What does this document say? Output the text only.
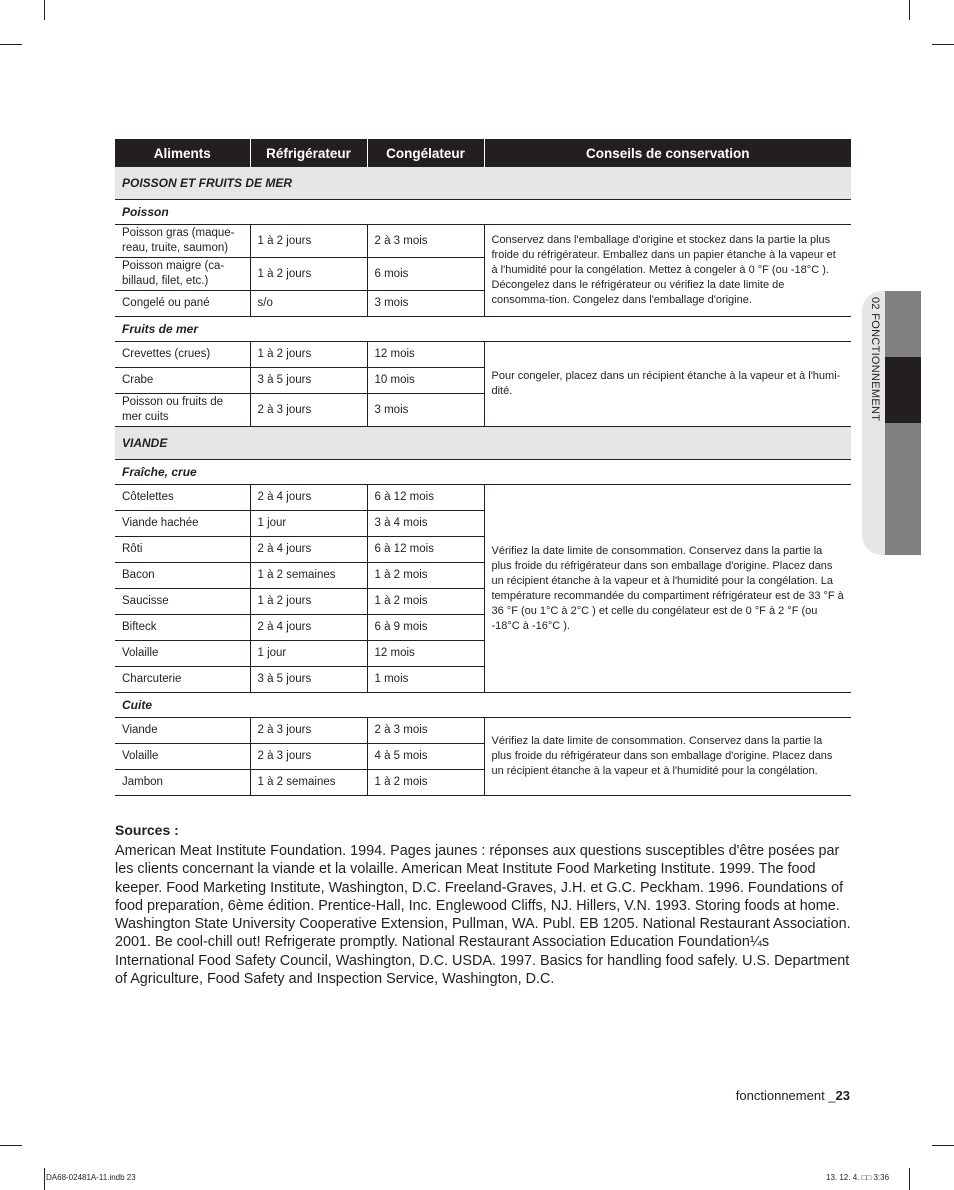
Aliments	Réfrigérateur	Congélateur	Conseils de conservation
POISSON ET FRUITS DE MER			
Poisson			
Poisson gras (maque-reau, truite, saumon)	1 à 2 jours	2 à 3 mois	Conservez dans l'emballage d'origine et stockez dans la partie la plus froide du réfrigérateur. Emballez dans un papier étanche à la vapeur et à l'humidité pour la congélation. Mettez à congeler à 0 °F (ou -18°C ). Décongelez dans le réfrigérateur ou vérifiez la date limite de consomma-tion. Congelez dans l'emballage d'origine.
Poisson maigre (ca-billaud, filet, etc.)	1 à 2 jours	6 mois	
Congelé ou pané	s/o	3 mois	
Fruits de mer			
Crevettes (crues)	1 à 2 jours	12 mois	Pour congeler, placez dans un récipient étanche à la vapeur et à l'humi-dité.
Crabe	3 à 5 jours	10 mois	
Poisson ou fruits de mer cuits	2 à 3 jours	3 mois	
VIANDE			
Fraîche, crue			
Côtelettes	2 à 4 jours	6 à 12 mois	Vérifiez la date limite de consommation. Conservez dans la partie la plus froide du réfrigérateur dans son emballage d'origine. Placez dans un récipient étanche à la vapeur et à l'humidité pour la congélation. La température recommandée du compartiment réfrigérateur est de 33 °F à 36 °F (ou 1°C à 2°C ) et celle du congélateur est de 0 °F à 2 °F (ou -18°C à -16°C ).
Viande hachée	1 jour	3 à 4 mois	
Rôti	2 à 4 jours	6 à 12 mois	
Bacon	1 à 2 semaines	1 à 2 mois	
Saucisse	1 à 2 jours	1 à 2 mois	
Bifteck	2 à 4 jours	6 à 9 mois	
Volaille	1 jour	12 mois	
Charcuterie	3 à 5 jours	1 mois	
Cuite			
Viande	2 à 3 jours	2 à 3 mois	Vérifiez la date limite de consommation. Conservez dans la partie la plus froide du réfrigérateur dans son emballage d'origine. Placez dans un récipient étanche à la vapeur et à l'humidité pour la congélation.
Volaille	2 à 3 jours	4 à 5 mois	
Jambon	1 à 2 semaines	1 à 2 mois	
Sources :
American Meat Institute Foundation. 1994. Pages jaunes : réponses aux questions susceptibles d'être posées par les clients concernant la viande et la volaille. American Meat Institute Food Marketing Institute. 1999. The food keeper. Food Marketing Institute, Washington, D.C. Freeland-Graves, J.H. et G.C. Peckham. 1996. Foundations of food preparation, 6ème édition. Prentice-Hall, Inc. Englewood Cliffs, NJ. Hillers, V.N. 1993. Storing foods at home. Washington State University Cooperative Extension, Pullman, WA. Publ. EB 1205. National Restaurant Association. 2001. Be cool-chill out! Refrigerate promptly. National Restaurant Association Education Foundation¼s International Food Safety Council, Washington, D.C. USDA. 1997. Basics for handling food safely. U.S. Department of Agriculture, Food Safety and Inspection Service, Washington, D.C.
02 FONCTIONNEMENT
fonctionnement _23
DA68-02481A-11.indb 23	13. 12. 4. □□ 3:36
